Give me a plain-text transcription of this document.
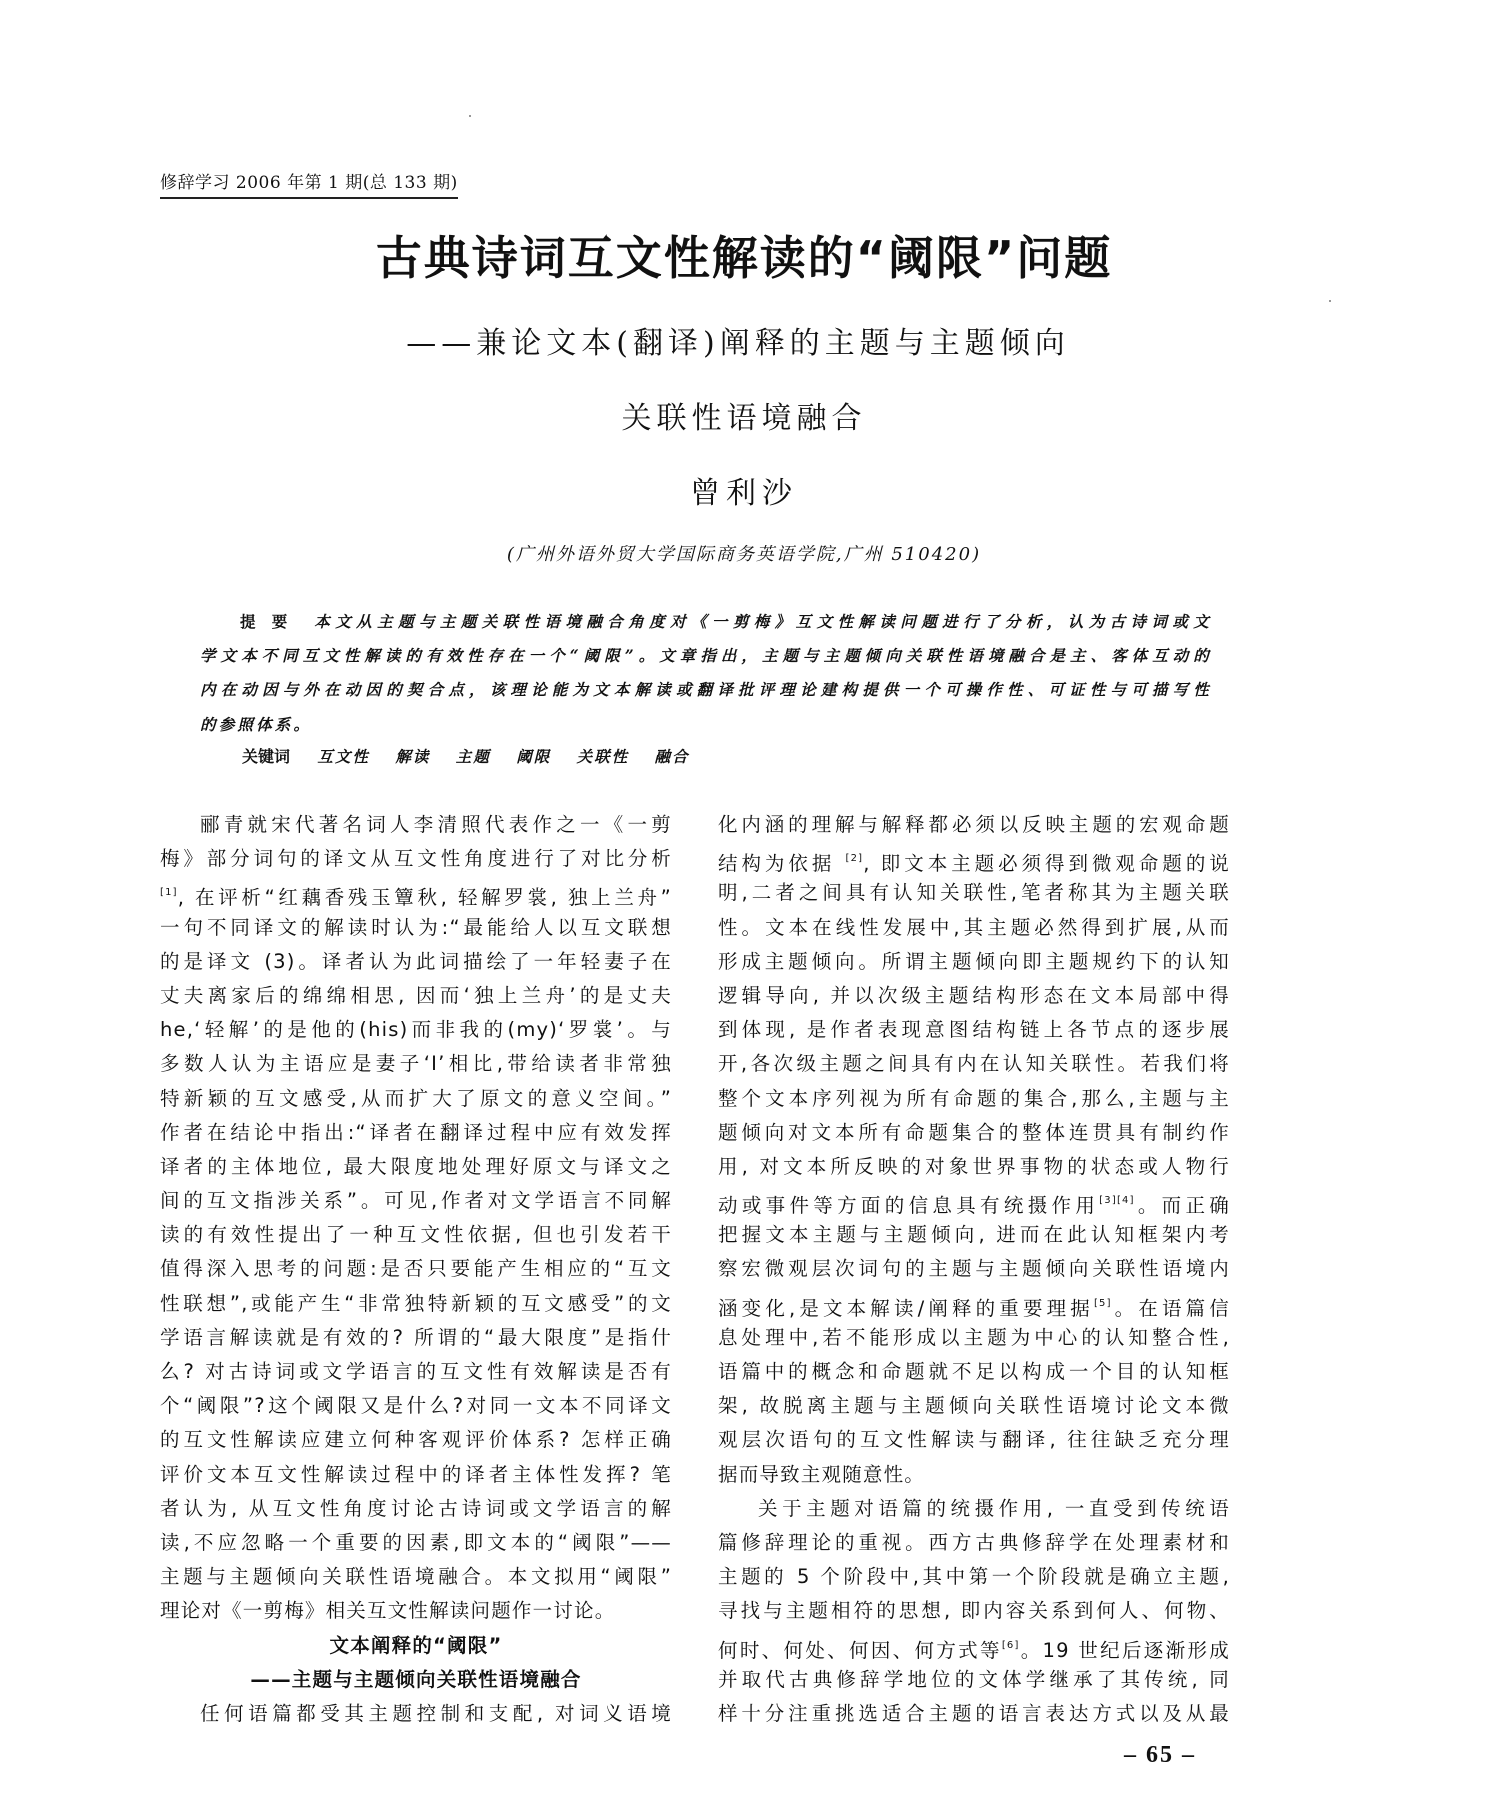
修辞学习 2006 年第 1 期(总 133 期)
古典诗词互文性解读的“阈限”问题
——兼论文本(翻译)阐释的主题与主题倾向
关联性语境融合
曾利沙
(广州外语外贸大学国际商务英语学院,广州 510420)
提要 本文从主题与主题关联性语境融合角度对《一剪梅》互文性解读问题进行了分析，认为古诗词或文
学文本不同互文性解读的有效性存在一个“阈限”。文章指出，主题与主题倾向关联性语境融合是主、客体互动的
内在动因与外在动因的契合点，该理论能为文本解读或翻译批评理论建构提供一个可操作性、可证性与可描写性
的参照体系。
关键词 互文性 解读 主题 阈限 关联性 融合
郦青就宋代著名词人李清照代表作之一《一剪
梅》部分词句的译文从互文性角度进行了对比分析
[1], 在评析“红藕香残玉簟秋, 轻解罗裳, 独上兰舟”
一句不同译文的解读时认为:“最能给人以互文联想
的是译文 (3)。译者认为此词描绘了一年轻妻子在
丈夫离家后的绵绵相思, 因而‘独上兰舟’的是丈夫
he,‘轻解’的是他的(his)而非我的(my)‘罗裳’。与
多数人认为主语应是妻子‘I’相比,带给读者非常独
特新颖的互文感受,从而扩大了原文的意义空间。”
作者在结论中指出:“译者在翻译过程中应有效发挥
译者的主体地位, 最大限度地处理好原文与译文之
间的互文指涉关系”。可见,作者对文学语言不同解
读的有效性提出了一种互文性依据, 但也引发若干
值得深入思考的问题:是否只要能产生相应的“互文
性联想”,或能产生“非常独特新颖的互文感受”的文
学语言解读就是有效的? 所谓的“最大限度”是指什
么? 对古诗词或文学语言的互文性有效解读是否有
个“阈限”?这个阈限又是什么?对同一文本不同译文
的互文性解读应建立何种客观评价体系? 怎样正确
评价文本互文性解读过程中的译者主体性发挥? 笔
者认为, 从互文性角度讨论古诗词或文学语言的解
读,不应忽略一个重要的因素,即文本的“阈限”——
主题与主题倾向关联性语境融合。本文拟用“阈限”
理论对《一剪梅》相关互文性解读问题作一讨论。
文本阐释的“阈限”
——主题与主题倾向关联性语境融合
任何语篇都受其主题控制和支配, 对词义语境
化内涵的理解与解释都必须以反映主题的宏观命题
结构为依据 [2], 即文本主题必须得到微观命题的说
明,二者之间具有认知关联性,笔者称其为主题关联
性。文本在线性发展中,其主题必然得到扩展,从而
形成主题倾向。所谓主题倾向即主题规约下的认知
逻辑导向, 并以次级主题结构形态在文本局部中得
到体现, 是作者表现意图结构链上各节点的逐步展
开,各次级主题之间具有内在认知关联性。若我们将
整个文本序列视为所有命题的集合,那么,主题与主
题倾向对文本所有命题集合的整体连贯具有制约作
用, 对文本所反映的对象世界事物的状态或人物行
动或事件等方面的信息具有统摄作用[3][4]。而正确
把握文本主题与主题倾向, 进而在此认知框架内考
察宏微观层次词句的主题与主题倾向关联性语境内
涵变化,是文本解读/阐释的重要理据[5]。在语篇信
息处理中,若不能形成以主题为中心的认知整合性,
语篇中的概念和命题就不足以构成一个目的认知框
架, 故脱离主题与主题倾向关联性语境讨论文本微
观层次语句的互文性解读与翻译, 往往缺乏充分理
据而导致主观随意性。
关于主题对语篇的统摄作用, 一直受到传统语
篇修辞理论的重视。西方古典修辞学在处理素材和
主题的 5 个阶段中,其中第一个阶段就是确立主题,
寻找与主题相符的思想, 即内容关系到何人、何物、
何时、何处、何因、何方式等[6]。19 世纪后逐渐形成
并取代古典修辞学地位的文体学继承了其传统, 同
样十分注重挑选适合主题的语言表达方式以及从最
– 65 –
